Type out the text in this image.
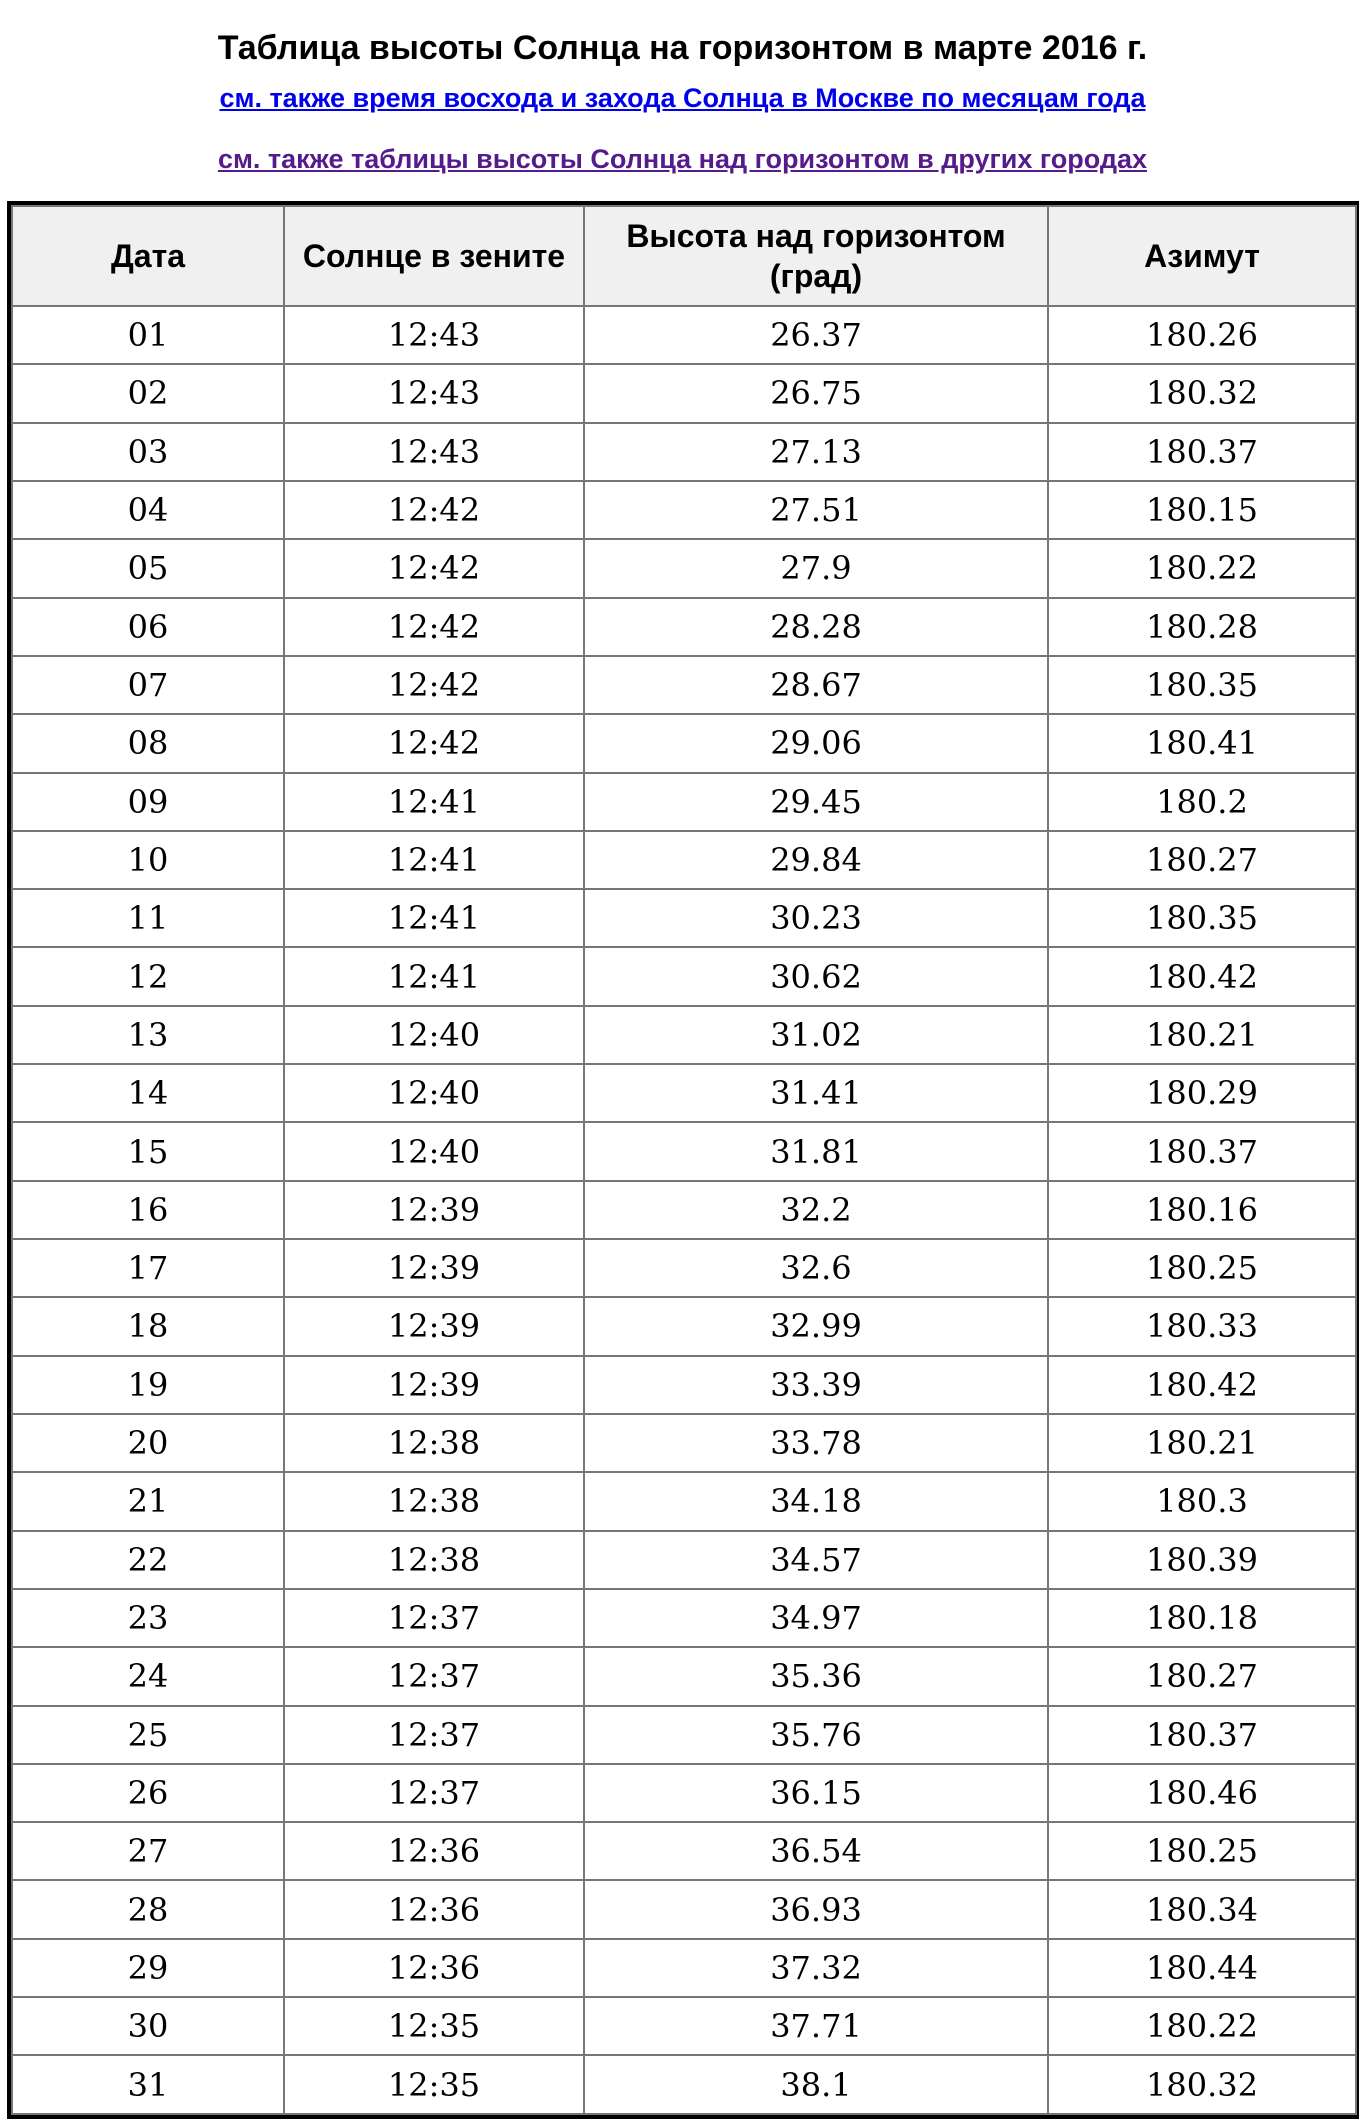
Таблица высоты Солнца на горизонтом в марте 2016 г.
см. также время восхода и захода Солнца в Москве по месяцам года
см. также таблицы высоты Солнца над горизонтом в других городах
Дата	Солнце в зените	Высота над горизонтом (град)	Азимут
01	12:43	26.37	180.26
02	12:43	26.75	180.32
03	12:43	27.13	180.37
04	12:42	27.51	180.15
05	12:42	27.9	180.22
06	12:42	28.28	180.28
07	12:42	28.67	180.35
08	12:42	29.06	180.41
09	12:41	29.45	180.2
10	12:41	29.84	180.27
11	12:41	30.23	180.35
12	12:41	30.62	180.42
13	12:40	31.02	180.21
14	12:40	31.41	180.29
15	12:40	31.81	180.37
16	12:39	32.2	180.16
17	12:39	32.6	180.25
18	12:39	32.99	180.33
19	12:39	33.39	180.42
20	12:38	33.78	180.21
21	12:38	34.18	180.3
22	12:38	34.57	180.39
23	12:37	34.97	180.18
24	12:37	35.36	180.27
25	12:37	35.76	180.37
26	12:37	36.15	180.46
27	12:36	36.54	180.25
28	12:36	36.93	180.34
29	12:36	37.32	180.44
30	12:35	37.71	180.22
31	12:35	38.1	180.32
